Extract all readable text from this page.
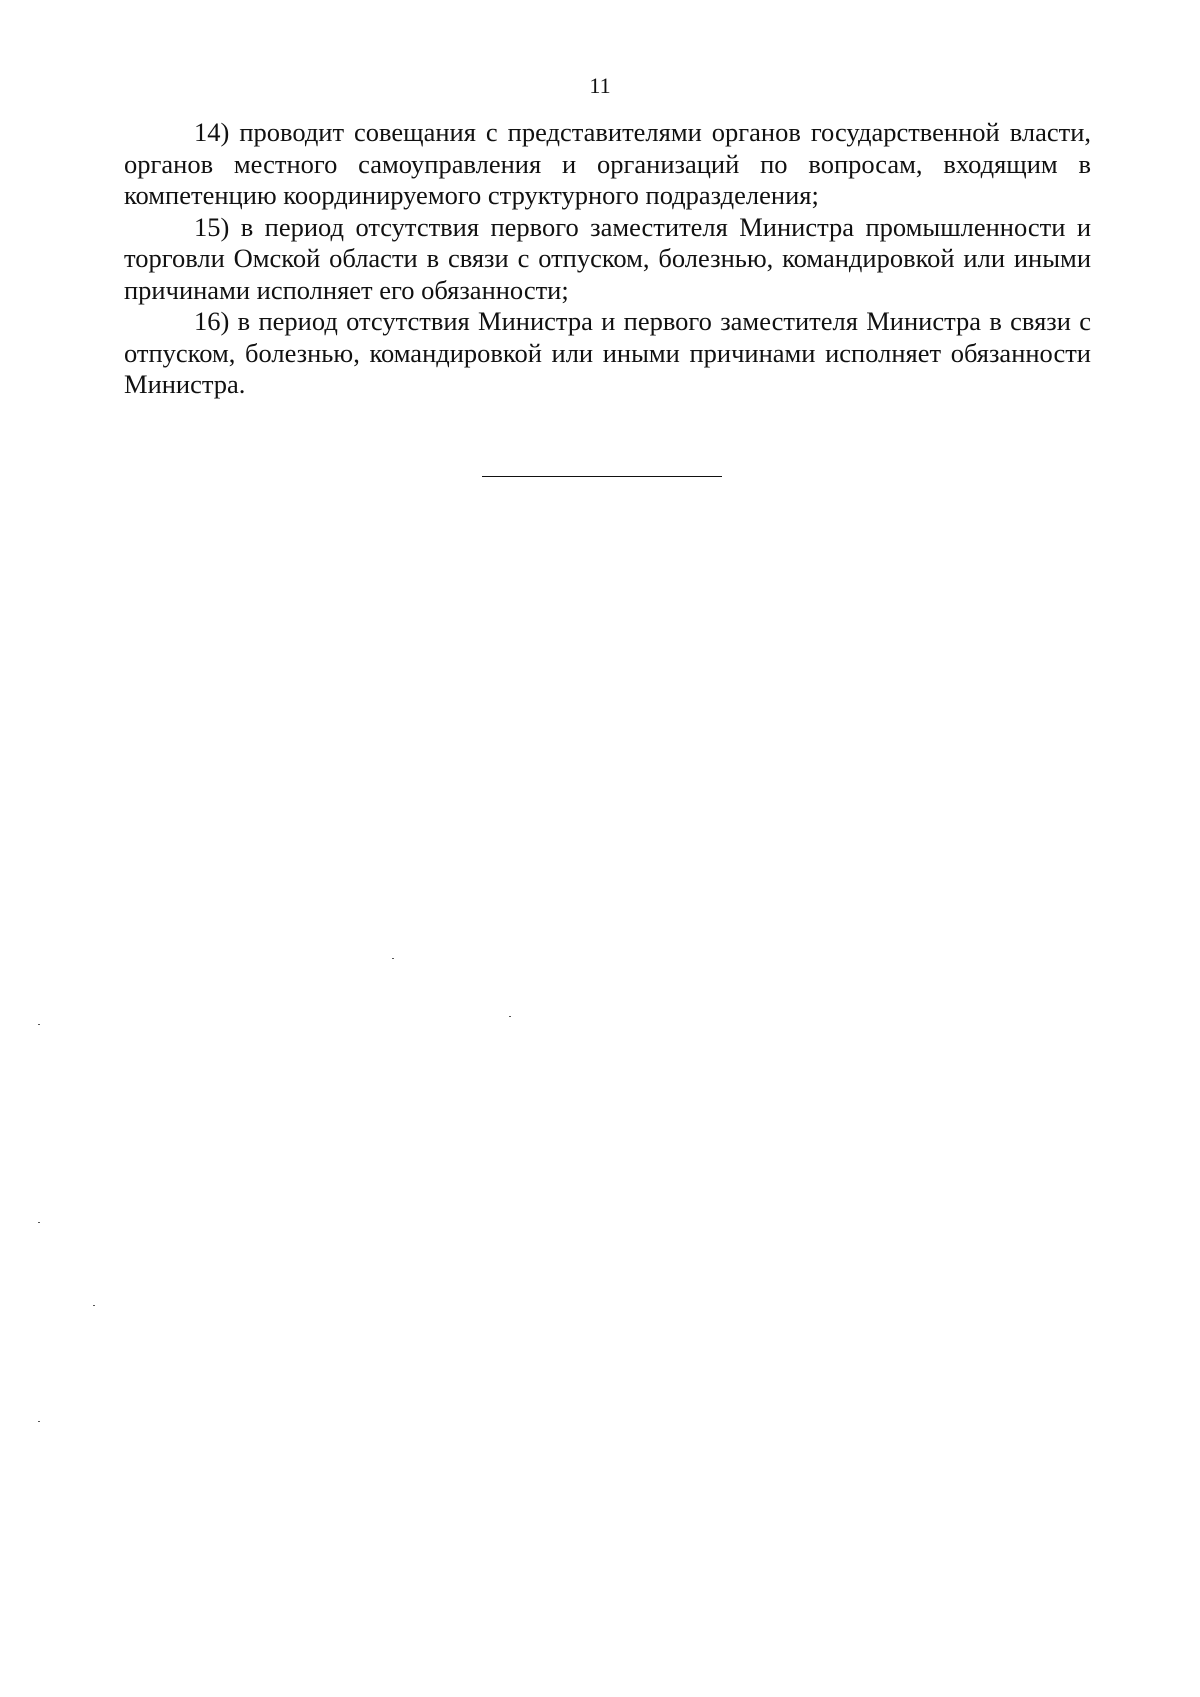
11

14) проводит совещания с представителями органов государственной власти, органов местного самоуправления и организаций по вопросам, входящим в компетенцию координируемого структурного подразделения;

15) в период отсутствия первого заместителя Министра промышленности и торговли Омской области в связи с отпуском, болезнью, командировкой или иными причинами исполняет его обязанности;

16) в период отсутствия Министра и первого заместителя Министра в связи с отпуском, болезнью, командировкой или иными причинами исполняет обязанности Министра.
